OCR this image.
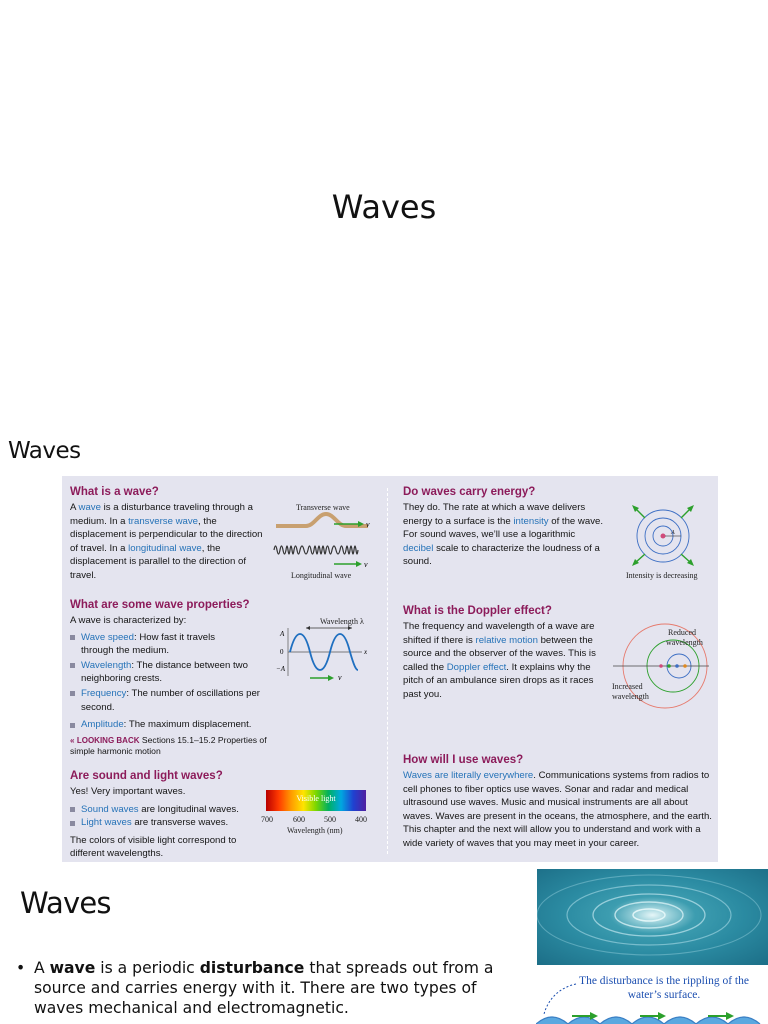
Waves
Waves
What is a wave?
A wave is a disturbance traveling through a medium. In a transverse wave, the displacement is perpendicular to the direction of travel. In a longitudinal wave, the displacement is parallel to the direction of travel.
Transverse wave
v
v
Longitudinal wave
What are some wave properties?
A wave is characterized by:
Wave speed: How fast it travels through the medium.
Wavelength: The distance between two neighboring crests.
Frequency: The number of oscillations per second.
Amplitude: The maximum displacement.
« LOOKING BACK Sections 15.1–15.2 Properties of simple harmonic motion
Wavelength λ
A
0
−A
x
v
Are sound and light waves?
Yes! Very important waves.
Sound waves are longitudinal waves.
Light waves are transverse waves.
The colors of visible light correspond to different wavelengths.
Visible light
700	600 500 400
Wavelength (nm)
Do waves carry energy?
They do. The rate at which a wave delivers energy to a surface is the intensity of the wave. For sound waves, we’ll use a logarithmic decibel scale to characterize the loudness of a sound.
A
Intensity is decreasing
What is the Doppler effect?
The frequency and wavelength of a wave are shifted if there is relative motion between the source and the observer of the waves. This is called the Doppler effect. It explains why the pitch of an ambulance siren drops as it races past you.
Reduced
wavelength
Increased
wavelength
How will I use waves?
Waves are literally everywhere. Communications systems from radios to cell phones to fiber optics use waves. Sonar and radar and medical ultrasound use waves. Music and musical instruments are all about waves. Waves are present in the oceans, the atmosphere, and the earth. This chapter and the next will allow you to understand and work with a wide variety of waves that you may meet in your career.
Waves
• A wave is a periodic disturbance that spreads out from a source and carries energy with it. There are two types of waves mechanical and electromagnetic.
The disturbance is the rippling of the water’s surface.
